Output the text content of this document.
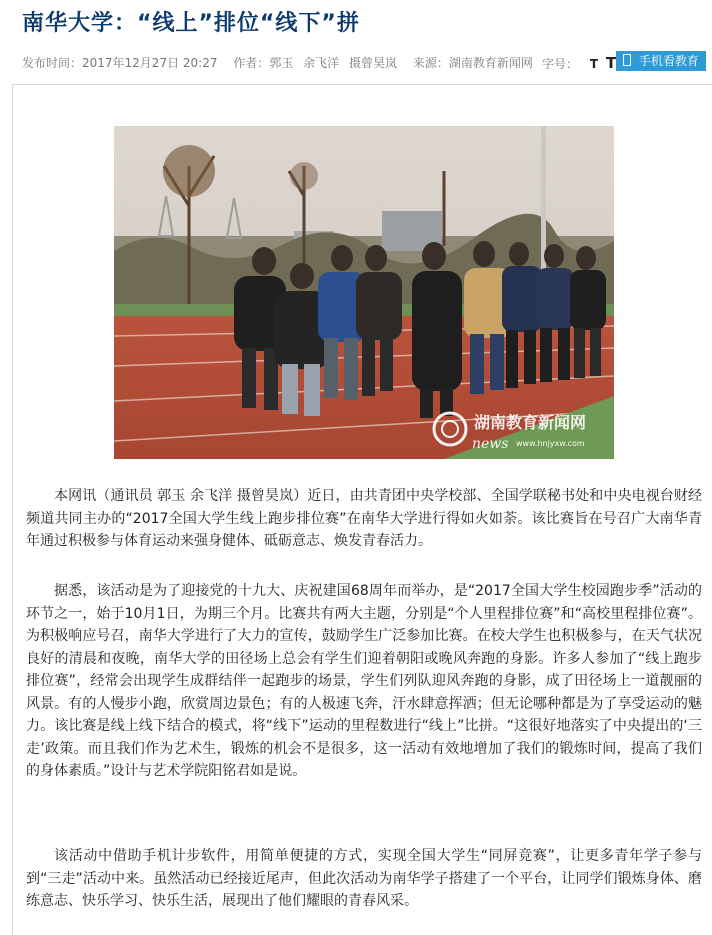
南华大学：“线上”排位“线下”拼
发布时间：2017年12月27日 20:27 作者：郭玉 余飞洋 摄曾昊岚 来源：湖南教育新闻网 字号： T T	手机看教育
湖南教育新闻网
news www.hnjyxw.com

本网讯（通讯员 郭玉 余飞洋 摄曾昊岚）近日，由共青团中央学校部、全国学联秘书处和中央电视台财经频道共同主办的“2017全国大学生线上跑步排位赛”在南华大学进行得如火如荼。该比赛旨在号召广大南华青年通过积极参与体育运动来强身健体、砥砺意志、焕发青春活力。

据悉，该活动是为了迎接党的十九大、庆祝建国68周年而举办，是“2017全国大学生校园跑步季”活动的环节之一，始于10月1日，为期三个月。比赛共有两大主题，分别是“个人里程排位赛”和“高校里程排位赛”。为积极响应号召，南华大学进行了大力的宣传，鼓励学生广泛参加比赛。在校大学生也积极参与，在天气状况良好的清晨和夜晚，南华大学的田径场上总会有学生们迎着朝阳或晚风奔跑的身影。许多人参加了“线上跑步排位赛”，经常会出现学生成群结伴一起跑步的场景，学生们列队迎风奔跑的身影，成了田径场上一道靓丽的风景。有的人慢步小跑，欣赏周边景色；有的人极速飞奔，汗水肆意挥洒；但无论哪种都是为了享受运动的魅力。该比赛是线上线下结合的模式，将“线下”运动的里程数进行“线上”比拼。“这很好地落实了中央提出的‘三走’政策。而且我们作为艺术生，锻炼的机会不是很多，这一活动有效地增加了我们的锻炼时间，提高了我们的身体素质。”设计与艺术学院阳铭君如是说。

该活动中借助手机计步软件，用简单便捷的方式，实现全国大学生“同屏竞赛”，让更多青年学子参与到“三走”活动中来。虽然活动已经接近尾声，但此次活动为南华学子搭建了一个平台，让同学们锻炼身体、磨练意志、快乐学习、快乐生活，展现出了他们耀眼的青春风采。
